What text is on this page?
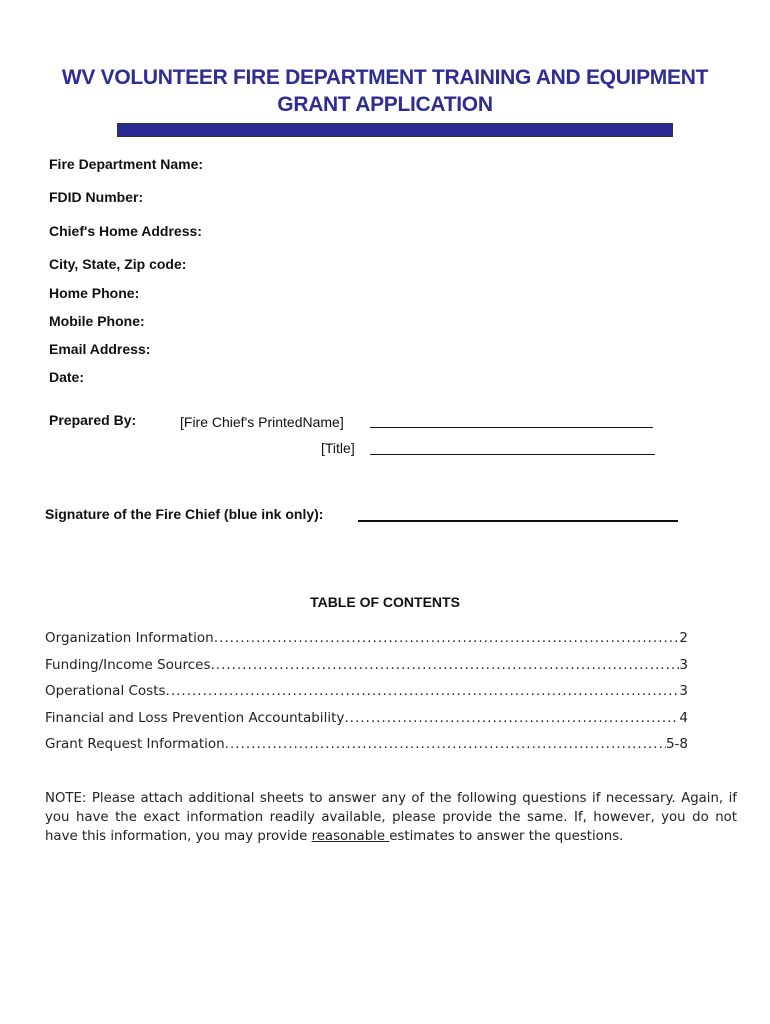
WV VOLUNTEER FIRE DEPARTMENT TRAINING AND EQUIPMENT
GRANT APPLICATION
Fire Department Name:
FDID Number:
Chief's Home Address:
City, State, Zip code:
Home Phone:
Mobile Phone:
Email Address:
Date:
Prepared By:	[Fire Chief's PrintedName]
[Title]
Signature of the Fire Chief (blue ink only):
TABLE OF CONTENTS
Organization Information .....	2
Funding/Income Sources .....	3
Operational Costs .....	3
Financial and Loss Prevention Accountability .....	4
Grant Request Information .....	5-8
NOTE: Please attach additional sheets to answer any of the following questions if necessary. Again, if you have the exact information readily available, please provide the same. If, however, you do not have this information, you may provide reasonable estimates to answer the questions.
